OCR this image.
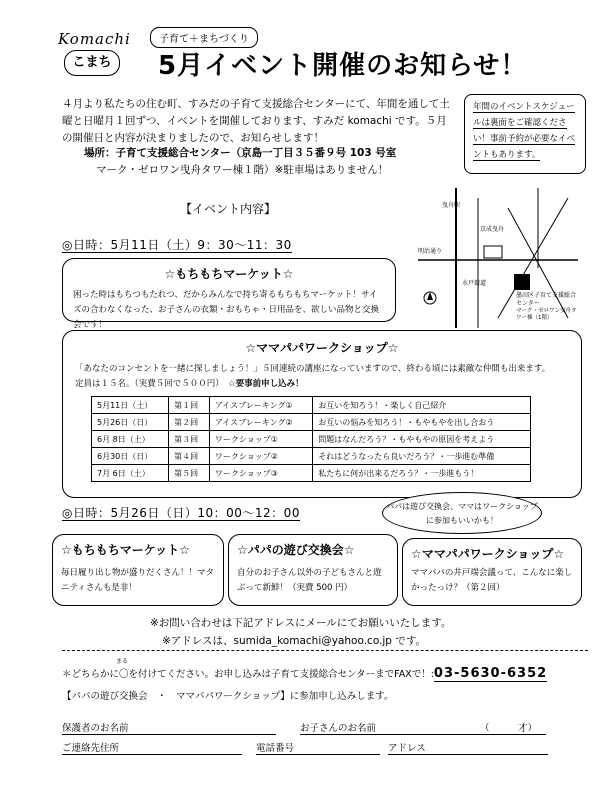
Komachi
こまち
子育て＋まちづくり
5月イベント開催のお知らせ！
４月より私たちの住む町、すみだの子育て支援総合センターにて、年間を通して土曜と日曜月１回ずつ、イベントを開催しております、すみだ komachi です。５月の開催日と内容が決まりましたので、お知らせします！
場所：子育て支援総合センター（京島一丁目３５番９号 103 号室
マーク・ゼロワン曳舟タワー棟１階）※駐車場はありません！
年間のイベントスケジュールは裏面をご確認ください！事前予約が必要なイベントもあります。
曳舟駅
京成曳舟
明治通り
水戸街道
墨田区子育て支援総合センター
マーク・ゼロワン曳舟タワー棟（1階）
【イベント内容】
◎日時：5月11日（土）9：30〜11：30
☆もちもちマーケット☆
困った時はもちつもたれつ、だからみんなで持ち寄るもちもちマーケット！サイズの合わなくなった、お子さんの衣類・おもちゃ・日用品を、欲しい品物と交換会です！
☆ママパパワークショップ☆
「あなたのコンセントを一緒に探しましょう！」５回連続の講座になっていますので、終わる頃には素敵な仲間も出来ます。
定員は１５名。（実費５回で５００円）　 ☆要事前申し込み！
5月11日（土）	第１回	アイスブレーキング①	お互いを知ろう！・楽しく自己紹介
5月26日（日）	第２回	アイスブレーキング②	お互いの悩みを知ろう！・もやもやを出し合おう
6月 8日（土）	第３回	ワークショップ①	問題はなんだろう？・もやもやの原因を考えよう
6月30日（日）	第４回	ワークショップ②	それはどうなったら良いだろう？・一歩進む準備
7月 6日（土）	第５回	ワークショップ③	私たちに何が出来るだろう？・一歩進もう！
◎日時：5月26日（日）10：00〜12：00	パパは遊び交換会、ママはワークショップに参加もいいかも！
☆もちもちマーケット☆
毎日履り出し物が盛りだくさん！！マタニティさんも是非！
☆パパの遊び交換会☆
自分のお子さん以外の子どもさんと遊ぶって新鮮！（実費 500 円）
☆ママパパワークショップ☆
ママパパの井戸端会議って、こんなに楽しかったっけ？（第２回）
※お問い合わせは下記アドレスにメールにてお願いいたします。
※アドレスは、sumida_komachi@yahoo.co.jp です。
まる
＊どちらかに〇を付けてください。お申し込みは子育て支援総合センターまでFAXで！:03-5630-6352
【パパの遊び交換会　・　ママパパワークショップ】に参加申し込みします。
保護者のお名前	お子さんのお名前	（　　　才）
ご連絡先住所	電話番号	アドレス
